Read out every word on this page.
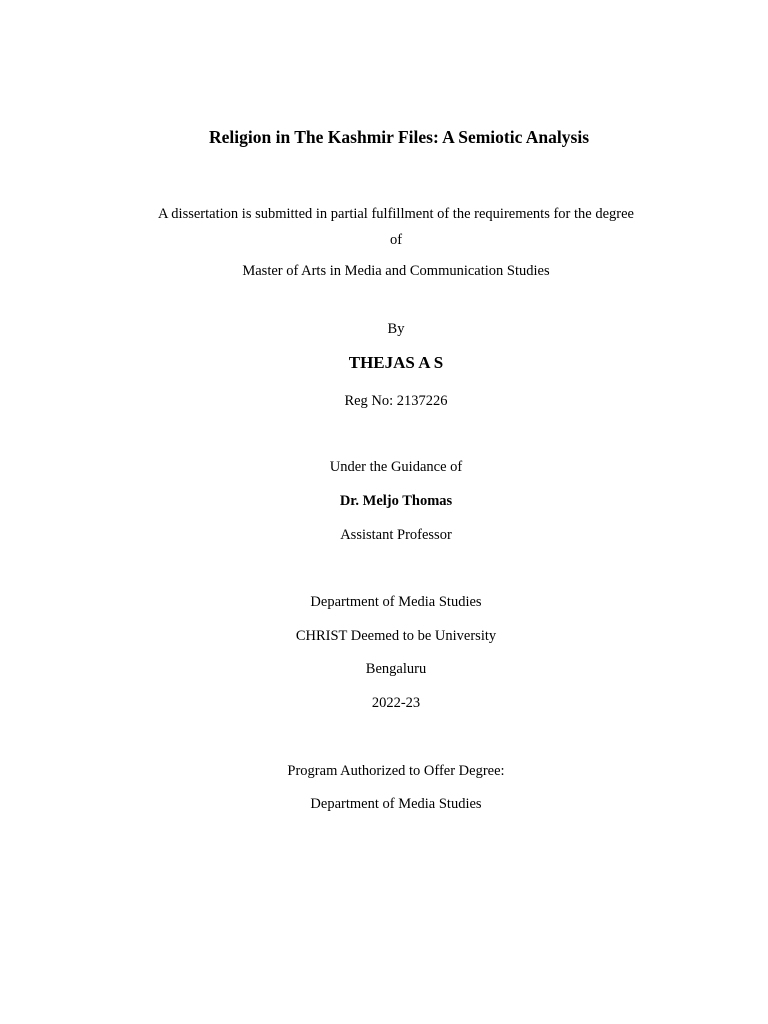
Religion in The Kashmir Files: A Semiotic Analysis
A dissertation is submitted in partial fulfillment of the requirements for the degree
of
Master of Arts in Media and Communication Studies
By
THEJAS A S
Reg No: 2137226
Under the Guidance of
Dr. Meljo Thomas
Assistant Professor
Department of Media Studies
CHRIST Deemed to be University
Bengaluru
2022-23
Program Authorized to Offer Degree:
Department of Media Studies
